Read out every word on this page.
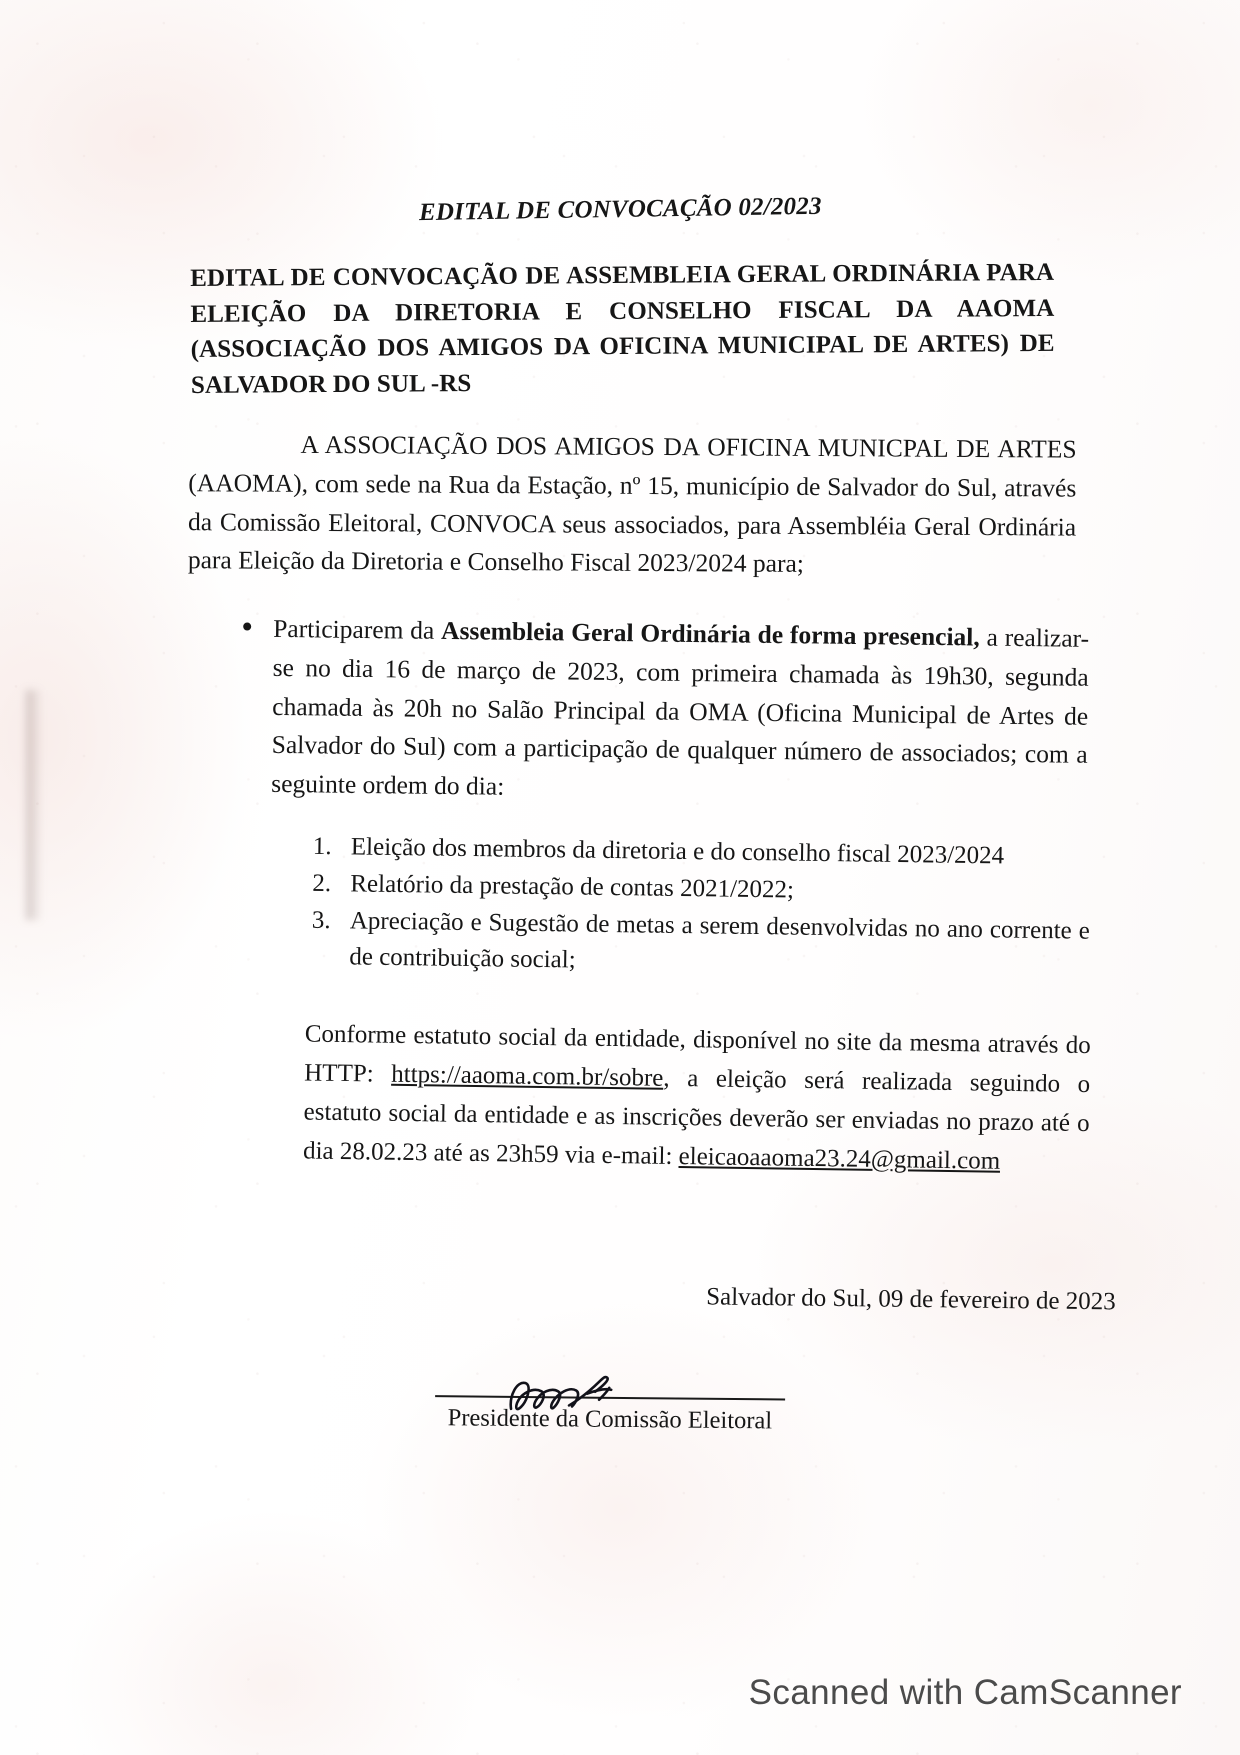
EDITAL DE CONVOCAÇÃO 02/2023
EDITAL DE CONVOCAÇÃO DE ASSEMBLEIA GERAL ORDINÁRIA PARA ELEIÇÃO DA DIRETORIA E CONSELHO FISCAL DA AAOMA (ASSOCIAÇÃO DOS AMIGOS DA OFICINA MUNICIPAL DE ARTES) DE SALVADOR DO SUL -RS

A ASSOCIAÇÃO DOS AMIGOS DA OFICINA MUNICPAL DE ARTES (AAOMA), com sede na Rua da Estação, nº 15, município de Salvador do Sul, através da Comissão Eleitoral, CONVOCA seus associados, para Assembléia Geral Ordinária para Eleição da Diretoria e Conselho Fiscal 2023/2024 para;

Participarem da Assembleia Geral Ordinária de forma presencial, a realizar-se no dia 16 de março de 2023, com primeira chamada às 19h30, segunda chamada às 20h no Salão Principal da OMA (Oficina Municipal de Artes de Salvador do Sul) com a participação de qualquer número de associados; com a seguinte ordem do dia:
Eleição dos membros da diretoria e do conselho fiscal 2023/2024
Relatório da prestação de contas 2021/2022;
Apreciação e Sugestão de metas a serem desenvolvidas no ano corrente e de contribuição social;

Conforme estatuto social da entidade, disponível no site da mesma através do HTTP: https://aaoma.com.br/sobre, a eleição será realizada seguindo o estatuto social da entidade e as inscrições deverão ser enviadas no prazo até o dia 28.02.23 até as 23h59 via e-mail: eleicaoaaoma23.24@gmail.com

Salvador do Sul, 09 de fevereiro de 2023
Presidente da Comissão Eleitoral
Scanned with CamScanner
